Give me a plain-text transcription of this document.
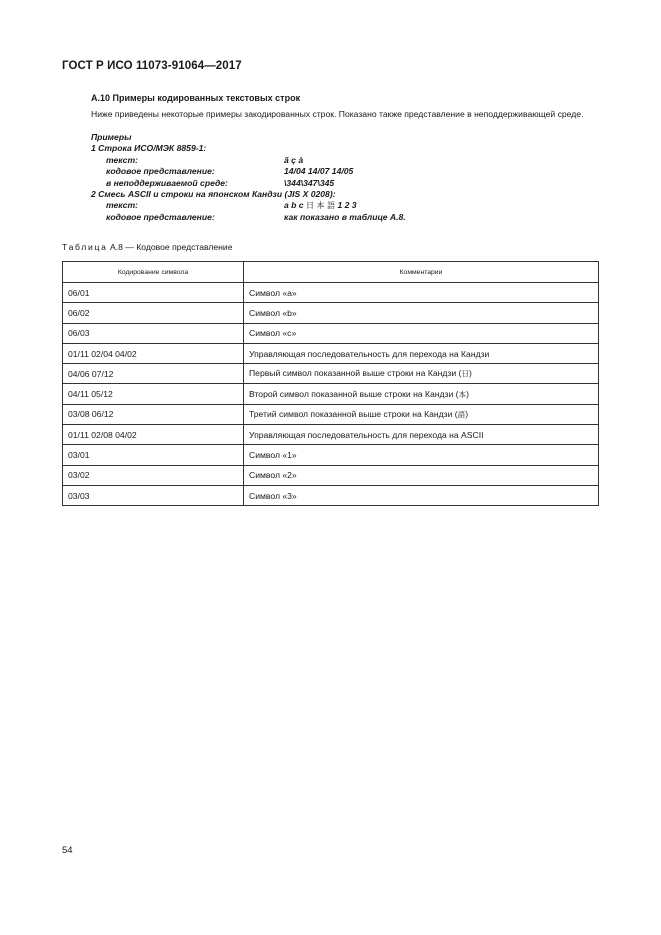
ГОСТ Р ИСО 11073-91064—2017
А.10 Примеры кодированных текстовых строк
Ниже приведены некоторые примеры закодированных строк. Показано также представление в неподдерживающей среде.
Примеры
1 Строка ИСО/МЭК 8859-1:
текст:	ã ç à
кодовое представление:	14/04 14/07 14/05
в неподдерживаемой среде:	\344\347\345
2 Смесь ASCII и строки на японском Кандзи (JIS X 0208):
текст:	a b c 日 本 語 1 2 3
кодовое представление:	как показано в таблице А.8.
Таблица А.8 — Кодовое представление
Кодирование символа	Комментарии
06/01	Символ «a»
06/02	Символ «b»
06/03	Символ «c»
01/11 02/04 04/02	Управляющая последовательность для перехода на Кандзи
04/06 07/12	Первый символ показанной выше строки на Кандзи (日)
04/11 05/12	Второй символ показанной выше строки на Кандзи (本)
03/08 06/12	Третий символ показанной выше строки на Кандзи (語)
01/11 02/08 04/02	Управляющая последовательность для перехода на ASCII
03/01	Символ «1»
03/02	Символ «2»
03/03	Символ «3»
54
